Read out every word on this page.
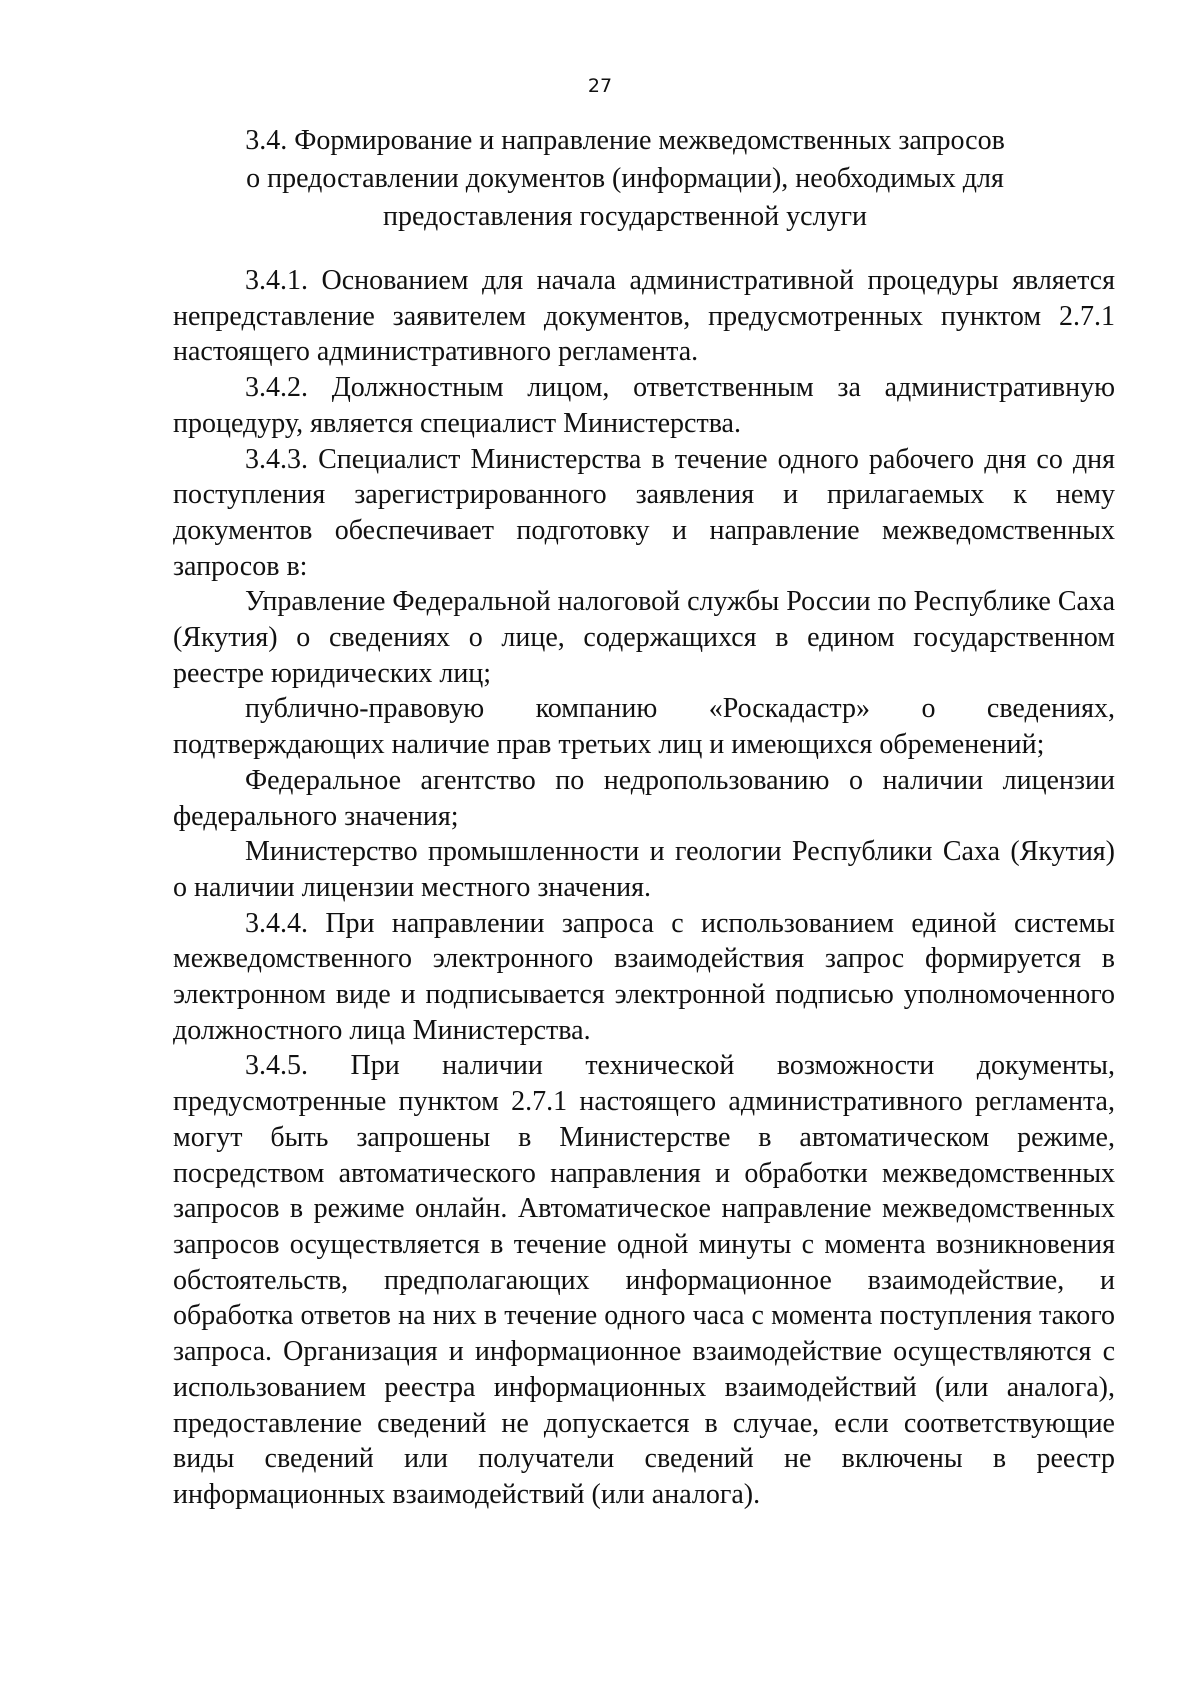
27
3.4. Формирование и направление межведомственных запросов
о предоставлении документов (информации), необходимых для
предоставления государственной услуги

3.4.1. Основанием для начала административной процедуры является непредставление заявителем документов, предусмотренных пунктом 2.7.1 настоящего административного регламента.

3.4.2. Должностным лицом, ответственным за административную процедуру, является специалист Министерства.

3.4.3. Специалист Министерства в течение одного рабочего дня со дня поступления зарегистрированного заявления и прилагаемых к нему документов обеспечивает подготовку и направление межведомственных запросов в:

Управление Федеральной налоговой службы России по Республике Саха (Якутия) о сведениях о лице, содержащихся в едином государственном реестре юридических лиц;

публично-правовую компанию «Роскадастр» о сведениях, подтверждающих наличие прав третьих лиц и имеющихся обременений;

Федеральное агентство по недропользованию о наличии лицензии федерального значения;

Министерство промышленности и геологии Республики Саха (Якутия) о наличии лицензии местного значения.

3.4.4. При направлении запроса с использованием единой системы межведомственного электронного взаимодействия запрос формируется в электронном виде и подписывается электронной подписью уполномоченного должностного лица Министерства.

3.4.5. При наличии технической возможности документы, предусмотренные пунктом 2.7.1 настоящего административного регламента, могут быть запрошены в Министерстве в автоматическом режиме, посредством автоматического направления и обработки межведомственных запросов в режиме онлайн. Автоматическое направление межведомственных запросов осуществляется в течение одной минуты с момента возникновения обстоятельств, предполагающих информационное взаимодействие, и обработка ответов на них в течение одного часа с момента поступления такого запроса. Организация и информационное взаимодействие осуществляются с использованием реестра информационных взаимодействий (или аналога), предоставление сведений не допускается в случае, если соответствующие виды сведений или получатели сведений не включены в реестр информационных взаимодействий (или аналога).
